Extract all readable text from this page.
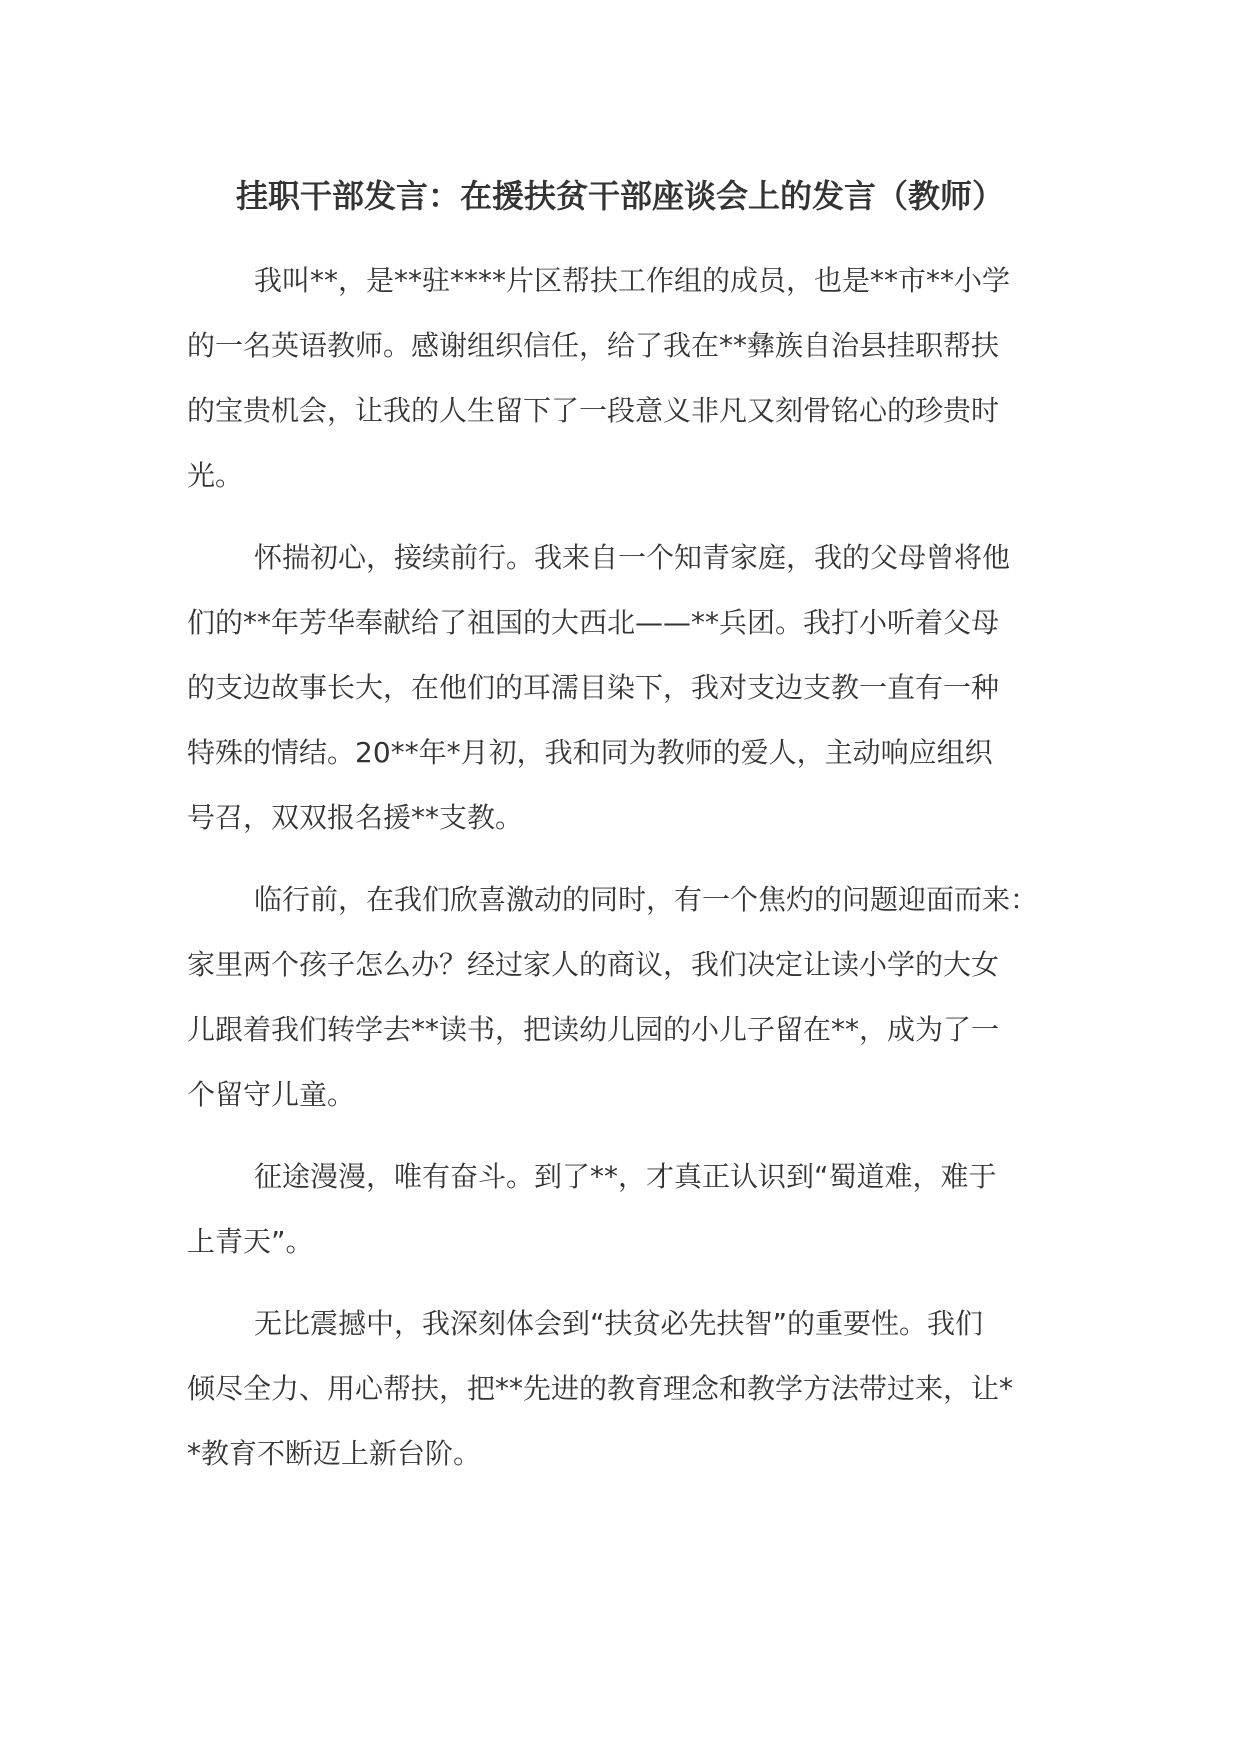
挂职干部发言：在援扶贫干部座谈会上的发言（教师）

我叫**，是**驻****片区帮扶工作组的成员，也是**市**小学
的一名英语教师。感谢组织信任，给了我在**彝族自治县挂职帮扶
的宝贵机会，让我的人生留下了一段意义非凡又刻骨铭心的珍贵时
光。

怀揣初心，接续前行。我来自一个知青家庭，我的父母曾将他
们的**年芳华奉献给了祖国的大西北——**兵团。我打小听着父母
的支边故事长大，在他们的耳濡目染下，我对支边支教一直有一种
特殊的情结。20**年*月初，我和同为教师的爱人，主动响应组织
号召，双双报名援**支教。

临行前，在我们欣喜激动的同时，有一个焦灼的问题迎面而来：
家里两个孩子怎么办？经过家人的商议，我们决定让读小学的大女
儿跟着我们转学去**读书，把读幼儿园的小儿子留在**，成为了一
个留守儿童。

征途漫漫，唯有奋斗。到了**，才真正认识到“蜀道难，难于
上青天”。

无比震撼中，我深刻体会到“扶贫必先扶智”的重要性。我们
倾尽全力、用心帮扶，把**先进的教育理念和教学方法带过来，让*
*教育不断迈上新台阶。
